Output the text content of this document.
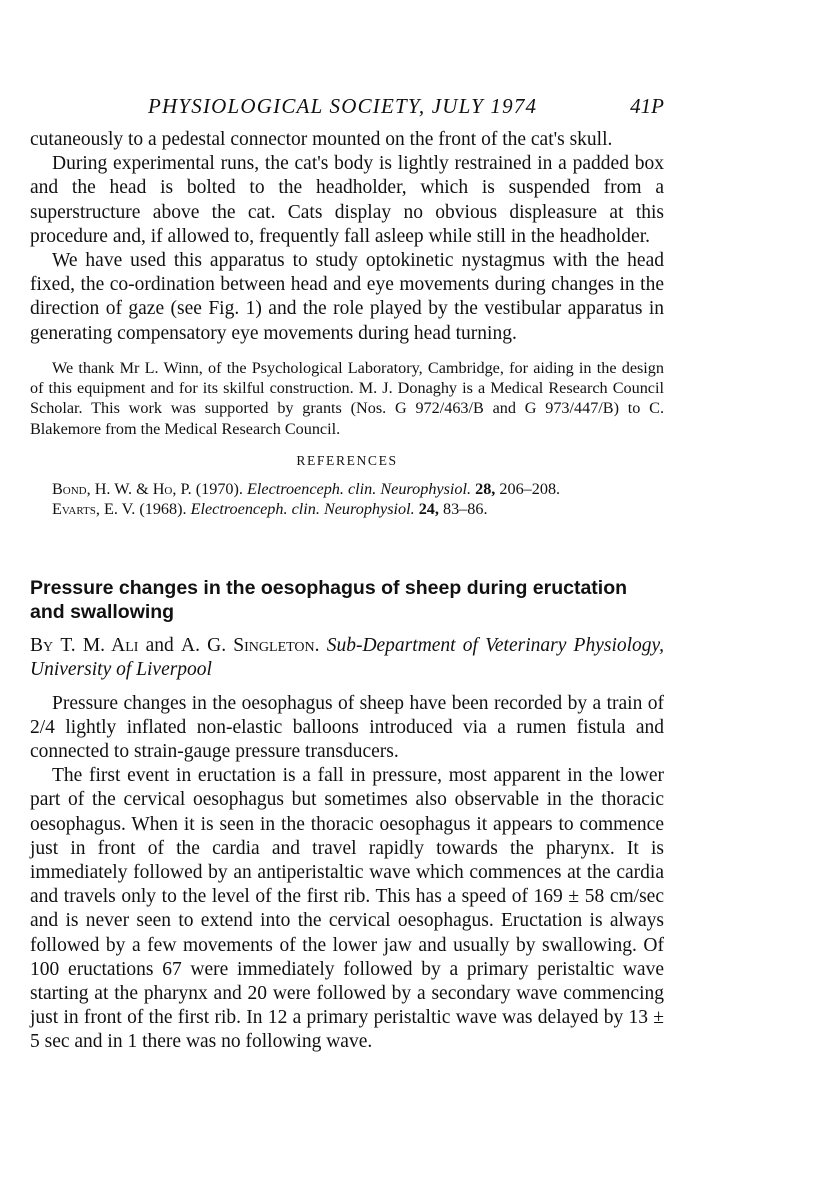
PHYSIOLOGICAL SOCIETY, JULY 1974	41P

cutaneously to a pedestal connector mounted on the front of the cat's skull.

During experimental runs, the cat's body is lightly restrained in a padded box and the head is bolted to the headholder, which is suspended from a superstructure above the cat. Cats display no obvious displeasure at this procedure and, if allowed to, frequently fall asleep while still in the headholder.

We have used this apparatus to study optokinetic nystagmus with the head fixed, the co-ordination between head and eye movements during changes in the direction of gaze (see Fig. 1) and the role played by the vestibular apparatus in generating compensatory eye movements during head turning.

We thank Mr L. Winn, of the Psychological Laboratory, Cambridge, for aiding in the design of this equipment and for its skilful construction. M. J. Donaghy is a Medical Research Council Scholar. This work was supported by grants (Nos. G 972/463/B and G 973/447/B) to C. Blakemore from the Medical Research Council.

REFERENCES
Bond, H. W. & Ho, P. (1970). Electroenceph. clin. Neurophysiol. 28, 206–208.
Evarts, E. V. (1968). Electroenceph. clin. Neurophysiol. 24, 83–86.
Pressure changes in the oesophagus of sheep during eructation and swallowing
By T. M. Ali and A. G. Singleton. Sub-Department of Veterinary Physiology, University of Liverpool

Pressure changes in the oesophagus of sheep have been recorded by a train of 2/4 lightly inflated non-elastic balloons introduced via a rumen fistula and connected to strain-gauge pressure transducers.

The first event in eructation is a fall in pressure, most apparent in the lower part of the cervical oesophagus but sometimes also observable in the thoracic oesophagus. When it is seen in the thoracic oesophagus it appears to commence just in front of the cardia and travel rapidly towards the pharynx. It is immediately followed by an antiperistaltic wave which commences at the cardia and travels only to the level of the first rib. This has a speed of 169 ± 58 cm/sec and is never seen to extend into the cervical oesophagus. Eructation is always followed by a few movements of the lower jaw and usually by swallowing. Of 100 eructations 67 were immediately followed by a primary peristaltic wave starting at the pharynx and 20 were followed by a secondary wave commencing just in front of the first rib. In 12 a primary peristaltic wave was delayed by 13 ± 5 sec and in 1 there was no following wave.
